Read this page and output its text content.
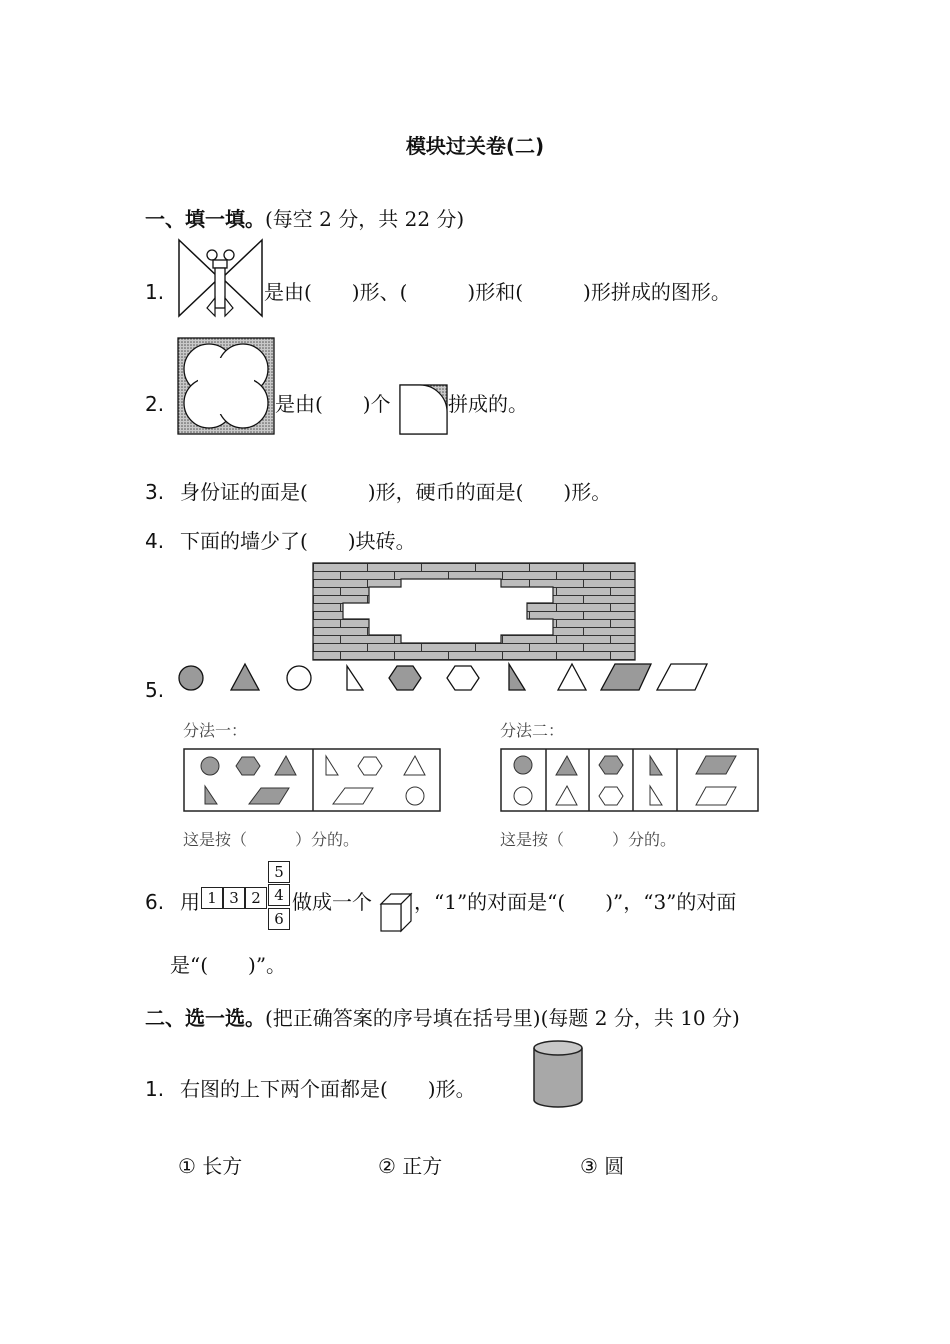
模块过关卷(二)
一、填一填。(每空 2 分，共 22 分)
1.	是由(　　)形、(　　　)形和(　　　)形拼成的图形。
2.	是由(　　)个	拼成的。
3. 身份证的面是(　　　)形，硬币的面是(　　)形。
4. 下面的墙少了(　　)块砖。
5.
分法一：	分法二：
这是按（　　　）分的。	这是按（　　　）分的。
6. 用 1 3 2
5
4
6
做成一个 ，“1”的对面是“(　　)”，“3”的对面
是“(　　)”。
二、选一选。(把正确答案的序号填在括号里)(每题 2 分，共 10 分)
1. 右图的上下两个面都是(　　)形。
① 长方	② 正方	③ 圆
